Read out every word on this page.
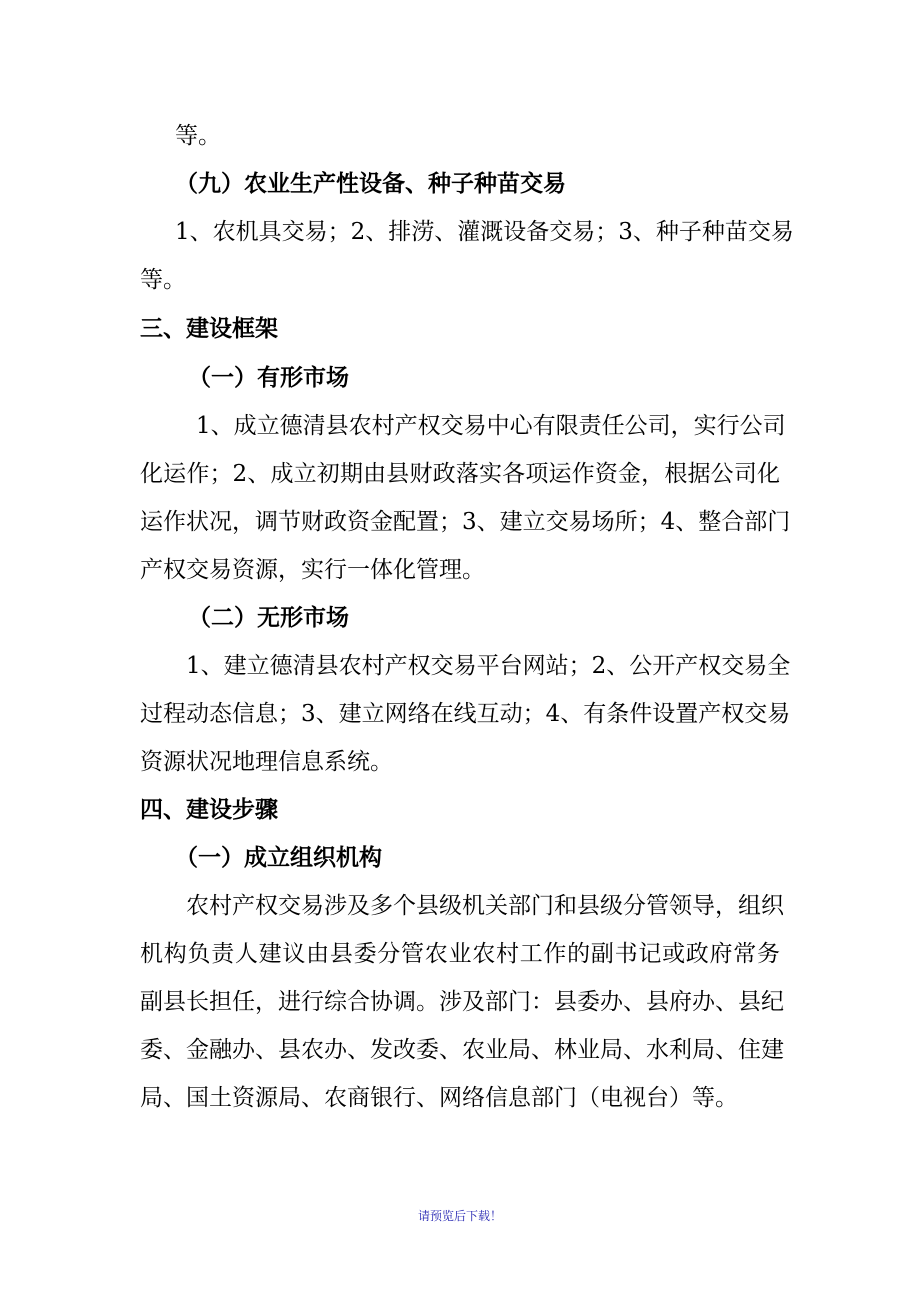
等。
（九）农业生产性设备、种子种苗交易
1、农机具交易；2、排涝、灌溉设备交易；3、种子种苗交易
等。
三、建设框架
（一）有形市场
1、成立德清县农村产权交易中心有限责任公司，实行公司
化运作；2、成立初期由县财政落实各项运作资金，根据公司化
运作状况，调节财政资金配置；3、建立交易场所；4、整合部门
产权交易资源，实行一体化管理。
（二）无形市场
1、建立德清县农村产权交易平台网站；2、公开产权交易全
过程动态信息；3、建立网络在线互动；4、有条件设置产权交易
资源状况地理信息系统。
四、建设步骤
（一）成立组织机构
农村产权交易涉及多个县级机关部门和县级分管领导，组织
机构负责人建议由县委分管农业农村工作的副书记或政府常务
副县长担任，进行综合协调。涉及部门：县委办、县府办、县纪
委、金融办、县农办、发改委、农业局、林业局、水利局、住建
局、国土资源局、农商银行、网络信息部门（电视台）等。
请预览后下载！
